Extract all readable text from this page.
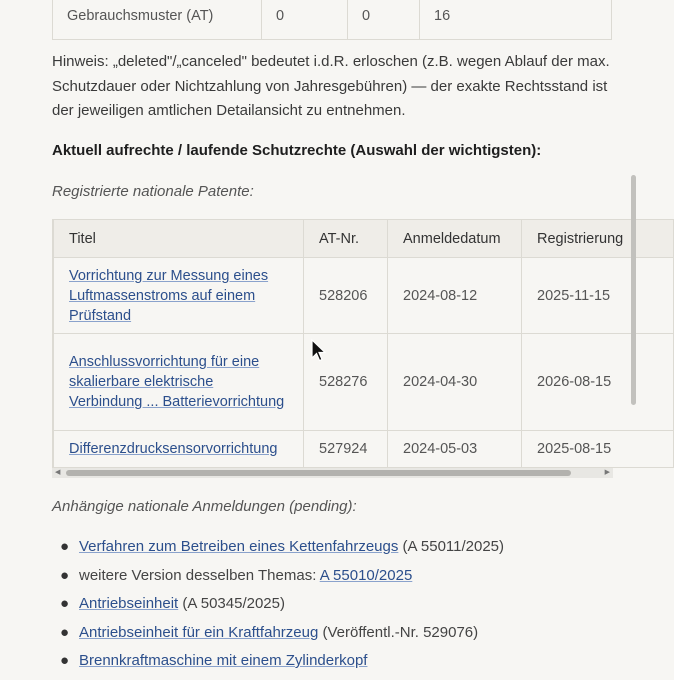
Gebrauchsmuster (AT)	0	0	16

Hinweis: „deleted"/„canceled" bedeutet i.d.R. erloschen (z.B. wegen Ablauf der max. Schutzdauer oder Nichtzahlung von Jahresgebühren) — der exakte Rechtsstand ist der jeweiligen amtlichen Detailansicht zu entnehmen.

Aktuell aufrechte / laufende Schutzrechte (Auswahl der wichtigsten):
Registrierte nationale Patente:
Titel	AT-Nr.	Anmeldedatum	Registrierung
Vorrichtung zur Messung eines Luftmassenstroms auf einem Prüfstand	528206	2024-08-12	2025-11-15
Anschlussvorrichtung für eine skalierbare elektrische Verbindung ... Batterievorrichtung	528276	2024-04-30	2026-08-15
Differenzdrucksensorvorrichtung	527924	2024-05-03	2025-08-15
◀	▶
Anhängige nationale Anmeldungen (pending):
● Verfahren zum Betreiben eines Kettenfahrzeugs (A 55011/2025)
● weitere Version desselben Themas: A 55010/2025
● Antriebseinheit (A 50345/2025)
● Antriebseinheit für ein Kraftfahrzeug (Veröffentl.-Nr. 529076)
● Brennkraftmaschine mit einem Zylinderkopf
